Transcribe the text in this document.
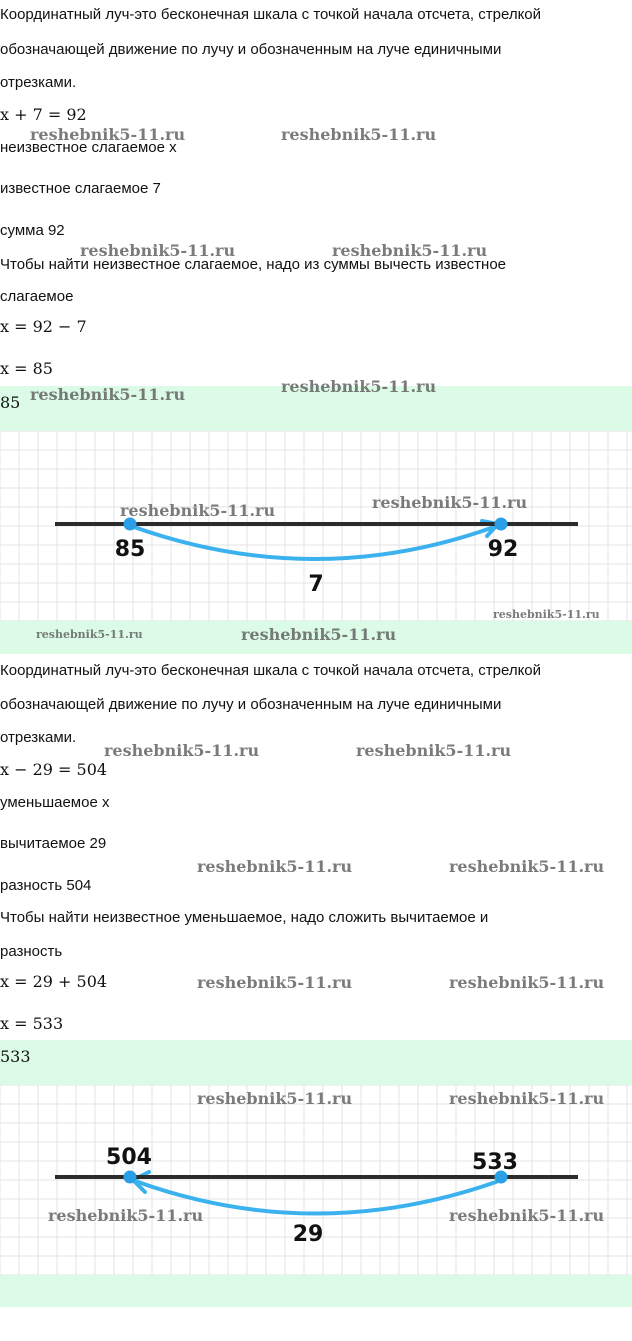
Координатный луч-это бесконечная шкала с точкой начала отсчета, стрелкой

обозначающей движение по лучу и обозначенным на луче единичными

отрезками.

x + 7 = 92

неизвестное слагаемое x

известное слагаемое 7

сумма 92

Чтобы найти неизвестное слагаемое, надо из суммы вычесть известное

слагаемое

x = 92 − 7

x = 85

85
85	92
7

Координатный луч-это бесконечная шкала с точкой начала отсчета, стрелкой

обозначающей движение по лучу и обозначенным на луче единичными

отрезками.

x − 29 = 504

уменьшаемое x

вычитаемое 29

разность 504

Чтобы найти неизвестное уменьшаемое, надо сложить вычитаемое и

разность

x = 29 + 504

x = 533

533
504	533
29
reshebnik5-11.ru	reshebnik5-11.ru
reshebnik5-11.ru	reshebnik5-11.ru
reshebnik5-11.ru
reshebnik5-11.ru
reshebnik5-11.ru	reshebnik5-11.ru
reshebnik5-11.ru
reshebnik5-11.ru	reshebnik5-11.ru
reshebnik5-11.ru	reshebnik5-11.ru
reshebnik5-11.ru	reshebnik5-11.ru
reshebnik5-11.ru	reshebnik5-11.ru
reshebnik5-11.ru	reshebnik5-11.ru
reshebnik5-11.ru	reshebnik5-11.ru
